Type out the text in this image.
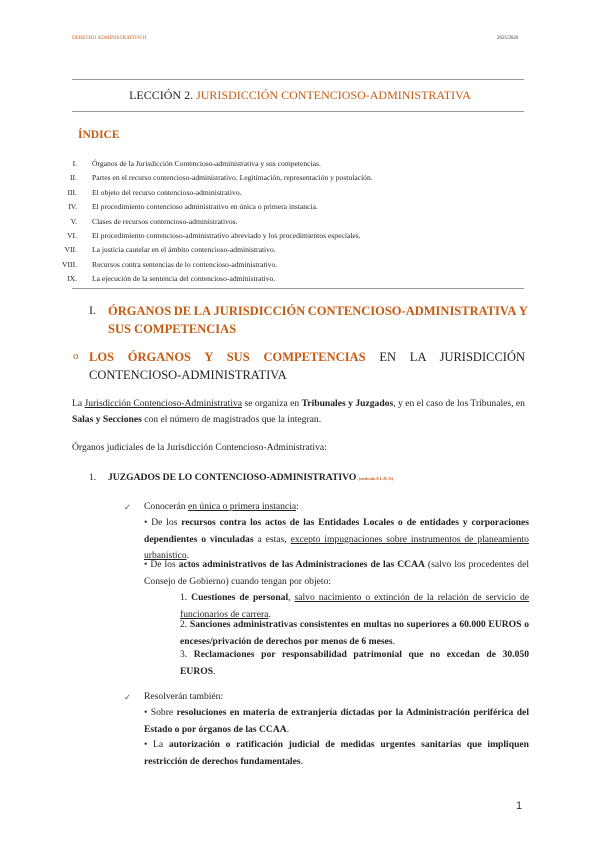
DERECHO ADMINISTRATIVO II	2025/2026
LECCIÓN 2. JURISDICCIÓN CONTENCIOSO-ADMINISTRATIVA
ÍNDICE
I.	Órganos de la Jurisdicción Contencioso-administrativa y sus competencias.
II.	Partes en el recurso contencioso-administrativo. Legitimación, representación y postulación.
III.	El objeto del recurso contencioso-administrativo.
IV.	El procedimiento contencioso administrativo en única o primera instancia.
V.	Clases de recursos contencioso-administrativos.
VI.	El procedimiento contencioso-administrativo abreviado y los procedimientos especiales.
VII.	La justicia cautelar en el ámbito contencioso-administrativo.
VIII.	Recursos contra sentencias de lo contencioso-administrativo.
IX.	La ejecución de la sentencia del contencioso-administrativo.
I. ÓRGANOS DE LA JURISDICCIÓN CONTENCIOSO-ADMINISTRATIVA Y
SUS COMPETENCIAS
o LOS ÓRGANOS Y SUS COMPETENCIAS EN LA JURISDICCIÓN CONTENCIOSO-ADMINISTRATIVA
La Jurisdicción Contencioso-Administrativa se organiza en Tribunales y Juzgados, y en el caso de los Tribunales, en Salas y Secciones con el número de magistrados que la integran.
Órganos judiciales de la Jurisdicción Contencioso-Administrativa:
1. JUZGADOS DE LO CONTENCIOSO-ADMINISTRATIVO (artículo 8 LJCA)
✓ Conocerán en única o primera instancia:
• De los recursos contra los actos de las Entidades Locales o de entidades y corporaciones dependientes o vinculadas a estas, excepto impugnaciones sobre instrumentos de planeamiento urbanístico.
• De los actos administrativos de las Administraciones de las CCAA (salvo los procedentes del Consejo de Gobierno) cuando tengan por objeto:
1. Cuestiones de personal, salvo nacimiento o extinción de la relación de servicio de funcionarios de carrera.
2. Sanciones administrativas consistentes en multas no superiores a 60.000 EUROS o enceses/privación de derechos por menos de 6 meses.
3. Reclamaciones por responsabilidad patrimonial que no excedan de 30.050 EUROS.
✓ Resolverán también:
• Sobre resoluciones en materia de extranjería dictadas por la Administración periférica del Estado o por órganos de las CCAA.
• La autorización o ratificación judicial de medidas urgentes sanitarias que impliquen restricción de derechos fundamentales.
1
